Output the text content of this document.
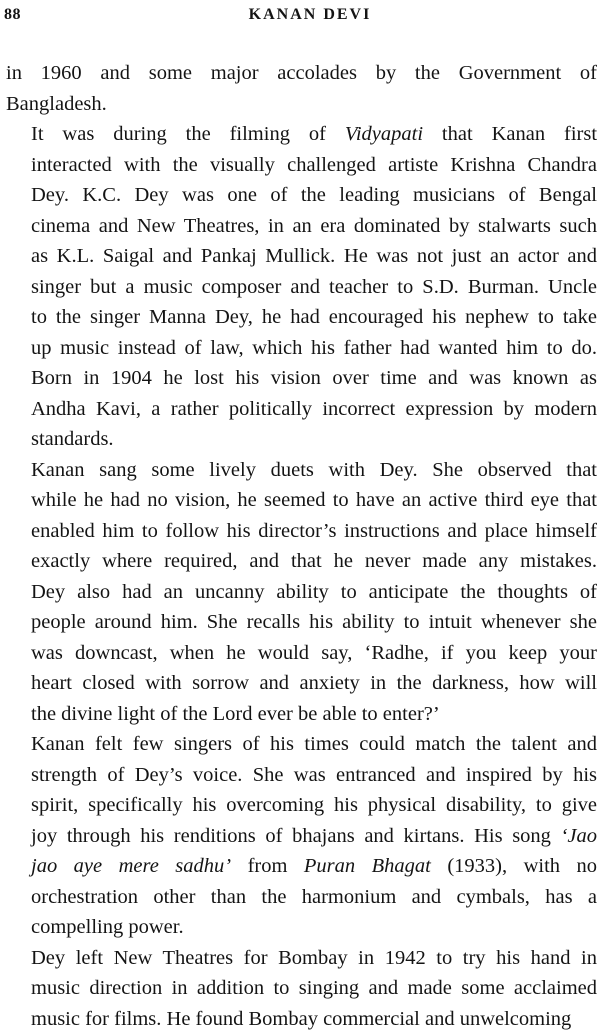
88	KANAN DEVI

in 1960 and some major accolades by the Government of
Bangladesh.

It was during the filming of Vidyapati that Kanan first
interacted with the visually challenged artiste Krishna Chandra
Dey. K.C. Dey was one of the leading musicians of Bengal
cinema and New Theatres, in an era dominated by stalwarts such
as K.L. Saigal and Pankaj Mullick. He was not just an actor and
singer but a music composer and teacher to S.D. Burman. Uncle
to the singer Manna Dey, he had encouraged his nephew to take
up music instead of law, which his father had wanted him to do.
Born in 1904 he lost his vision over time and was known as
Andha Kavi, a rather politically incorrect expression by modern
standards.

Kanan sang some lively duets with Dey. She observed that
while he had no vision, he seemed to have an active third eye that
enabled him to follow his director’s instructions and place himself
exactly where required, and that he never made any mistakes.
Dey also had an uncanny ability to anticipate the thoughts of
people around him. She recalls his ability to intuit whenever she
was downcast, when he would say, ‘Radhe, if you keep your
heart closed with sorrow and anxiety in the darkness, how will
the divine light of the Lord ever be able to enter?’

Kanan felt few singers of his times could match the talent and
strength of Dey’s voice. She was entranced and inspired by his
spirit, specifically his overcoming his physical disability, to give
joy through his renditions of bhajans and kirtans. His song ‘Jao
jao aye mere sadhu’ from Puran Bhagat (1933), with no
orchestration other than the harmonium and cymbals, has a
compelling power.

Dey left New Theatres for Bombay in 1942 to try his hand in
music direction in addition to singing and made some acclaimed
music for films. He found Bombay commercial and unwelcoming
